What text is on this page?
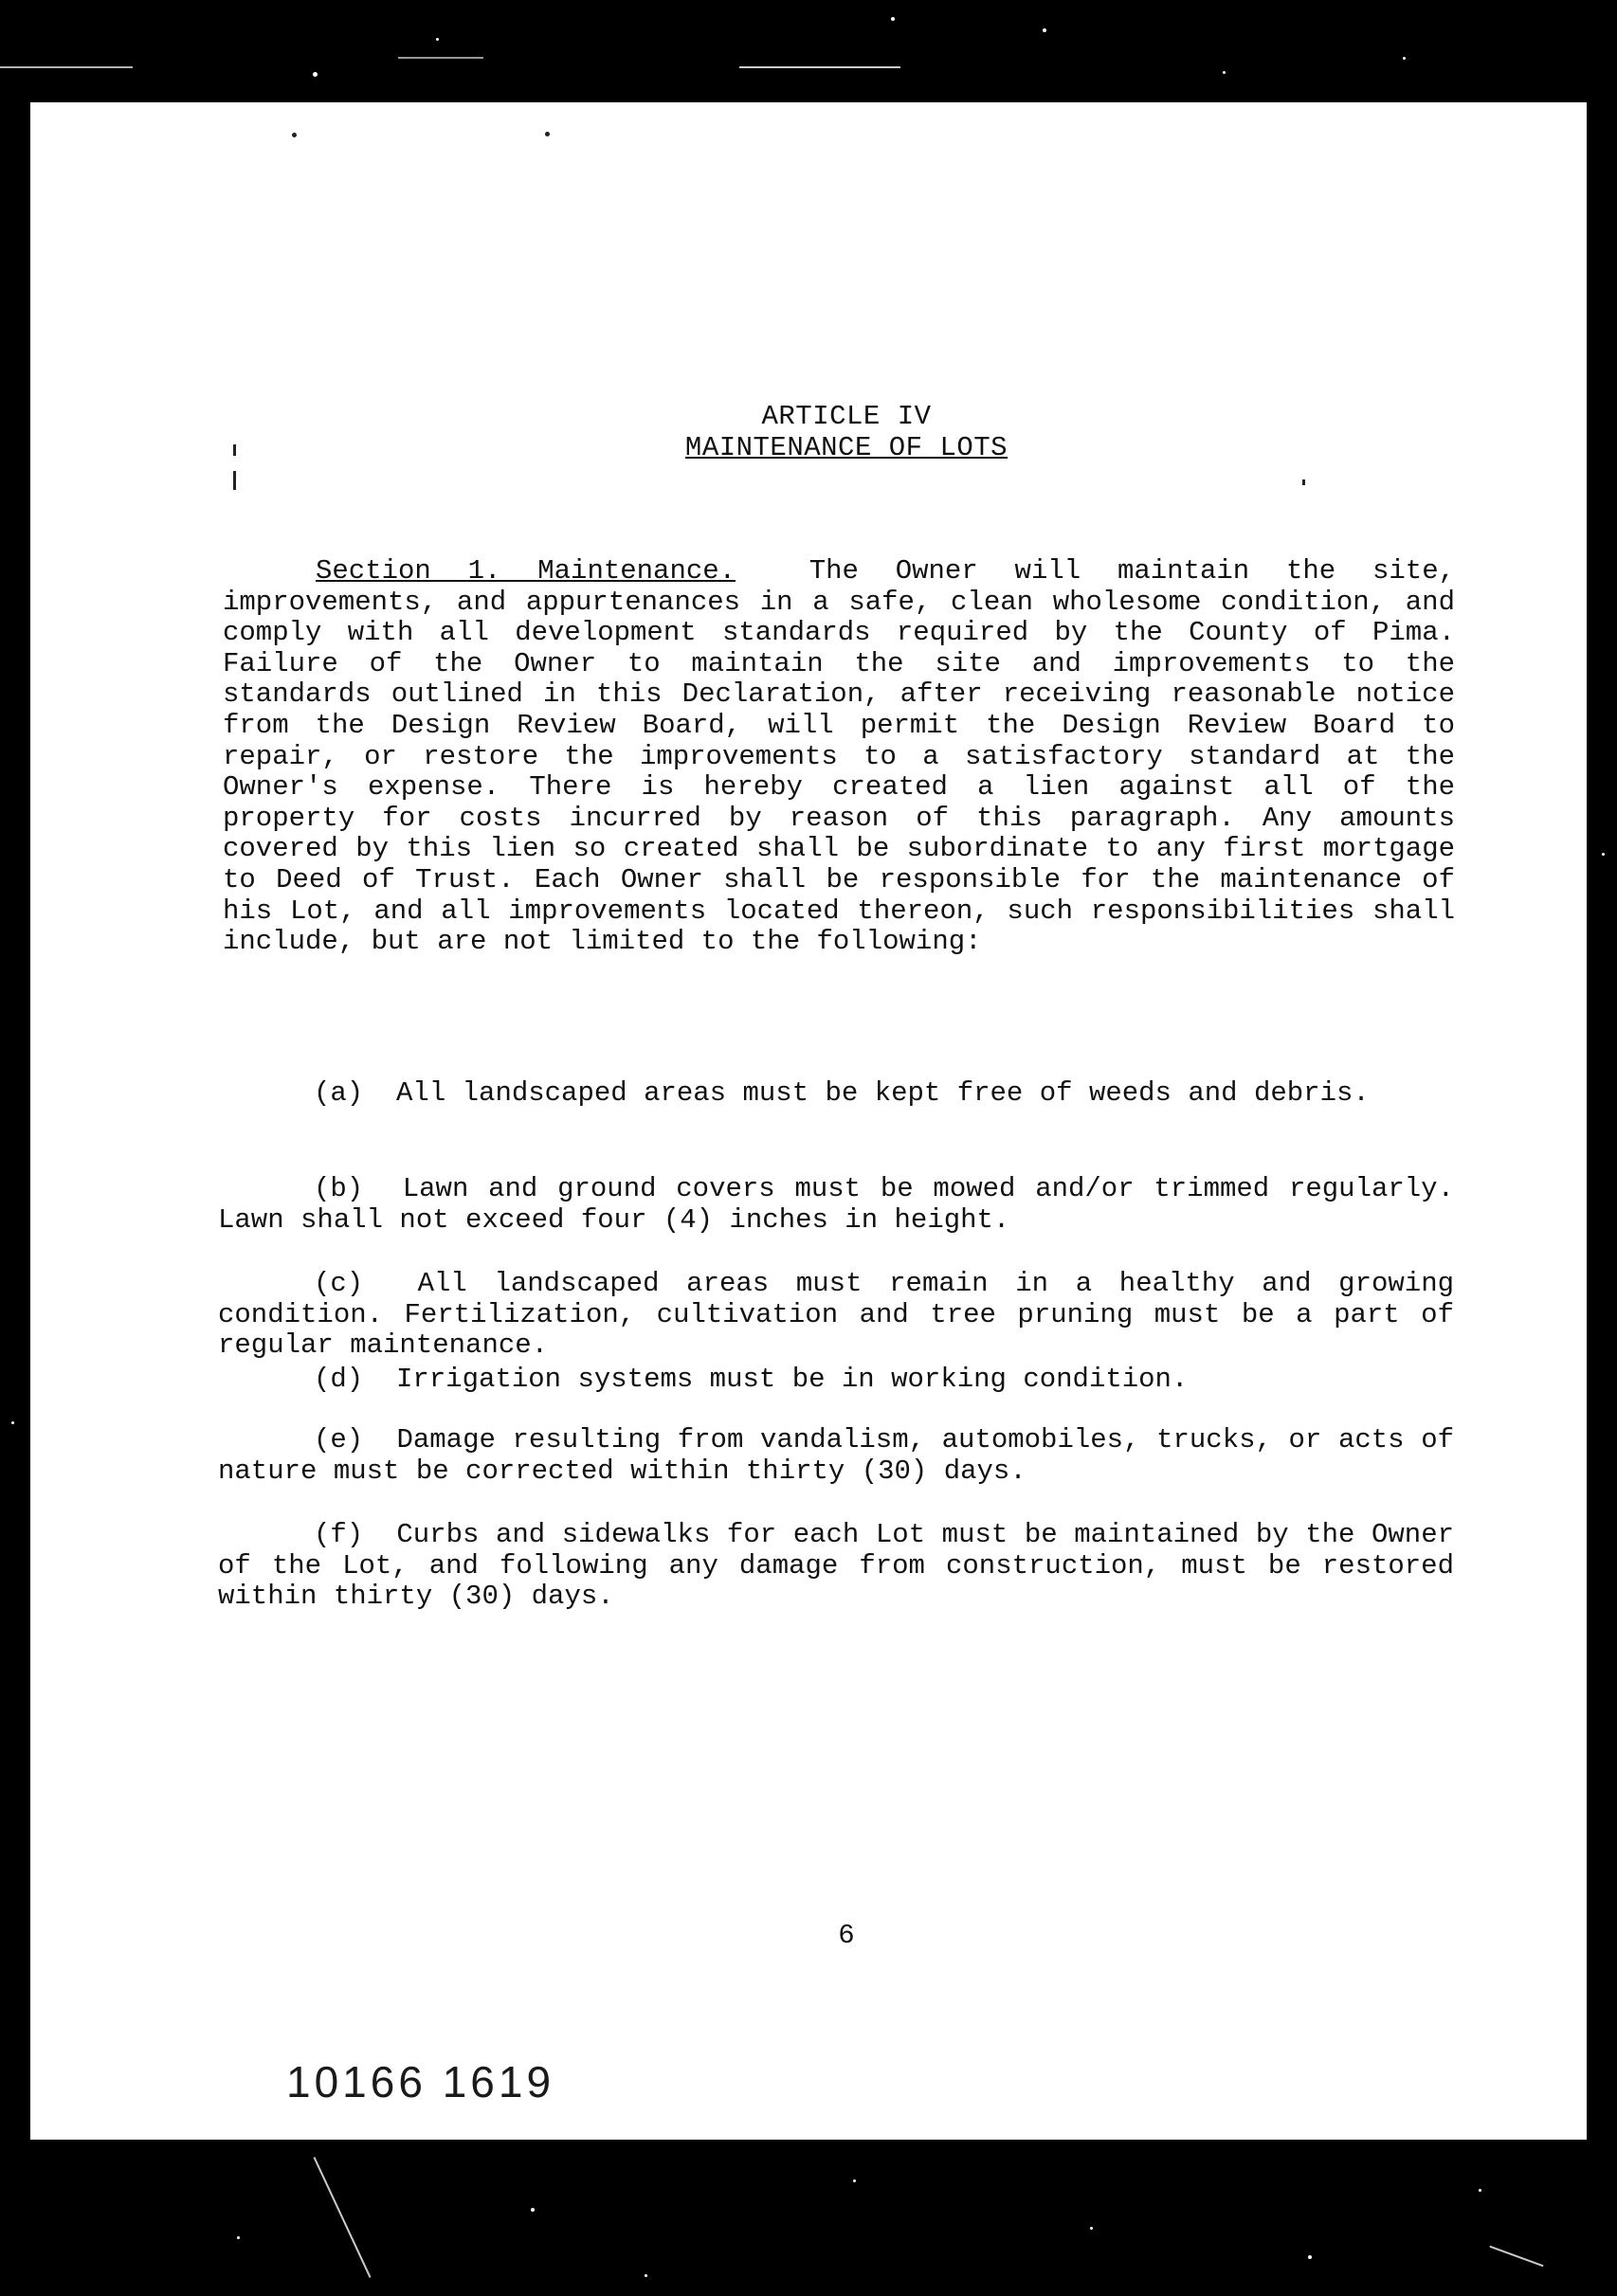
ARTICLE IV
MAINTENANCE OF LOTS
Section 1. Maintenance.	The Owner will maintain the site, improvements, and appurtenances in a safe, clean wholesome condition, and comply with all development standards required by the County of Pima. Failure of the Owner to maintain the site and improvements to the standards outlined in this Declaration, after receiving reasonable notice from the Design Review Board, will permit the Design Review Board to repair, or restore the improvements to a satisfactory standard at the Owner's expense. There is hereby created a lien against all of the property for costs incurred by reason of this paragraph. Any amounts covered by this lien so created shall be subordinate to any first mortgage to Deed of Trust. Each Owner shall be responsible for the maintenance of his Lot, and all improvements located thereon, such responsibilities shall include, but are not limited to the following:
(a) All landscaped areas must be kept free of weeds and debris.
(b) Lawn and ground covers must be mowed and/or trimmed regularly. Lawn shall not exceed four (4) inches in height.
(c) All landscaped areas must remain in a healthy and growing condition. Fertilization, cultivation and tree pruning must be a part of regular maintenance.
(d) Irrigation systems must be in working condition.
(e) Damage resulting from vandalism, automobiles, trucks, or acts of nature must be corrected within thirty (30) days.
(f) Curbs and sidewalks for each Lot must be maintained by the Owner of the Lot, and following any damage from construction, must be restored within thirty (30) days.
6
10166 1619
